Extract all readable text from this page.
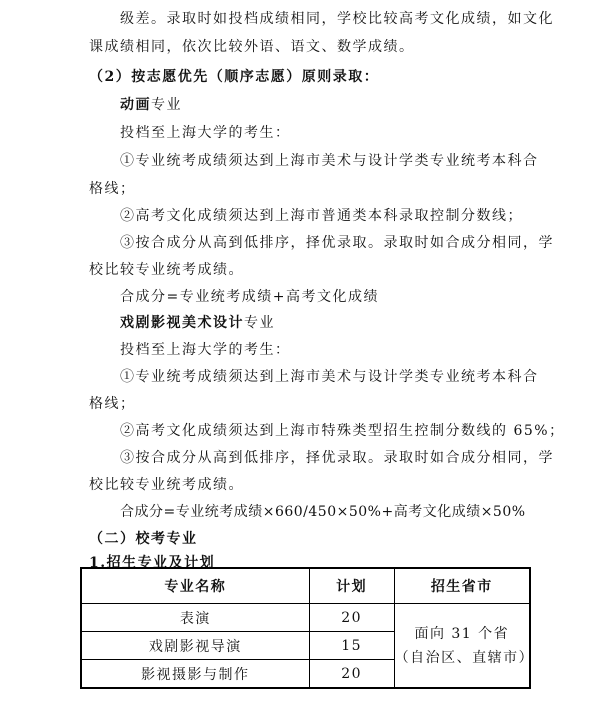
级差。录取时如投档成绩相同，学校比较高考文化成绩，如文化
课成绩相同，依次比较外语、语文、数学成绩。
（2）按志愿优先（顺序志愿）原则录取：
动画专业
投档至上海大学的考生：
①专业统考成绩须达到上海市美术与设计学类专业统考本科合
格线；
②高考文化成绩须达到上海市普通类本科录取控制分数线；
③按合成分从高到低排序，择优录取。录取时如合成分相同，学
校比较专业统考成绩。
合成分=专业统考成绩+高考文化成绩
戏剧影视美术设计专业
投档至上海大学的考生：
①专业统考成绩须达到上海市美术与设计学类专业统考本科合
格线；
②高考文化成绩须达到上海市特殊类型招生控制分数线的 65%；
③按合成分从高到低排序，择优录取。录取时如合成分相同，学
校比较专业统考成绩。
合成分=专业统考成绩×660/450×50%+高考文化成绩×50%
（二）校考专业
1.招生专业及计划
专业名称	计划	招生省市
表演	20	面向 31 个省
（自治区、直辖市）

戏剧影视导演	15	
影视摄影与制作	20	
